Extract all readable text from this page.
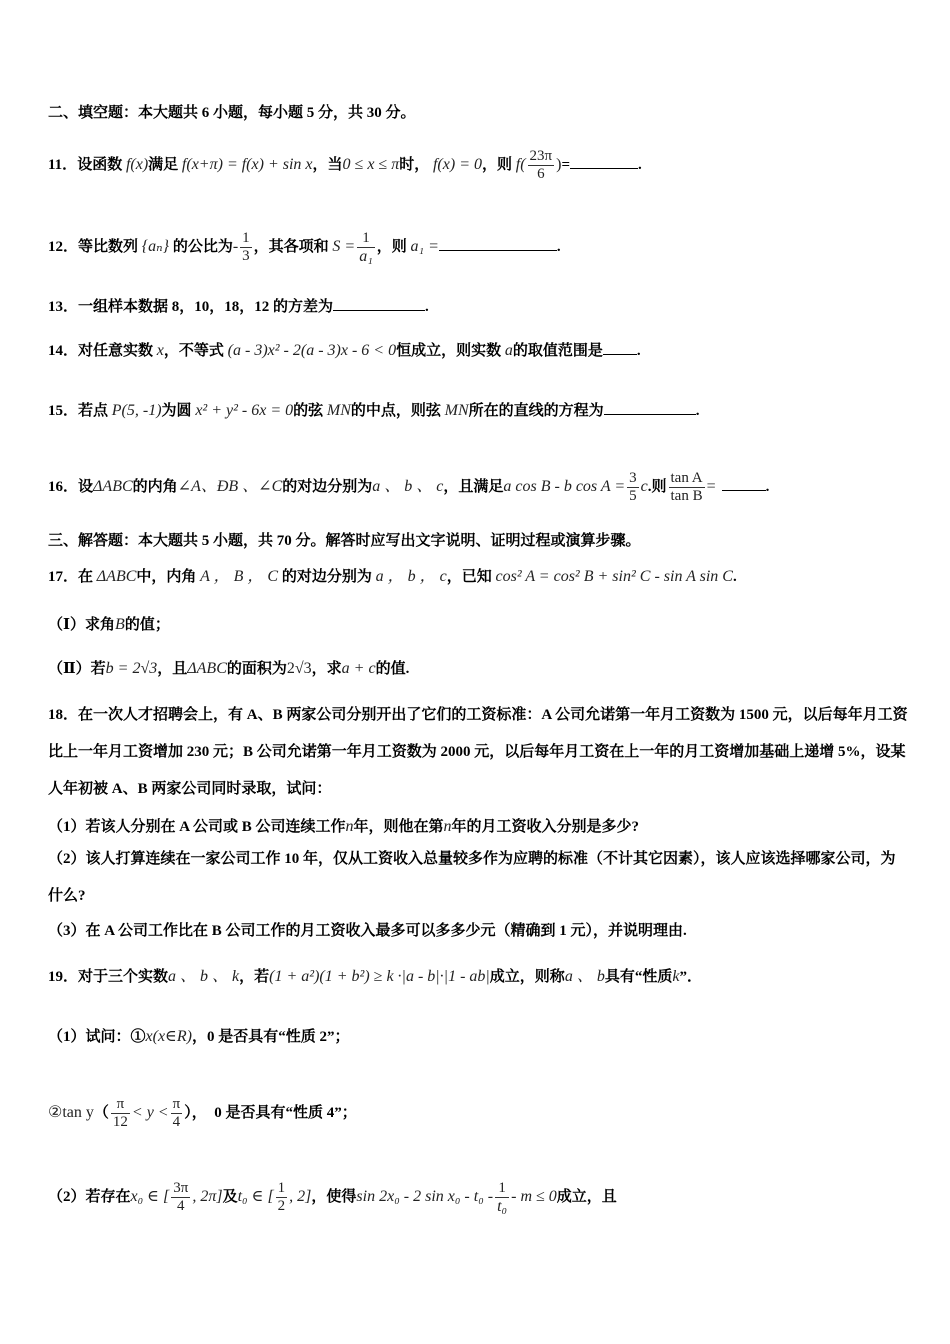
二、填空题：本大题共 6 小题，每小题 5 分，共 30 分。
11．设函数 f(x)满足 f(x+π) = f(x) + sin x，当0 ≤ x ≤ π时， f(x) = 0，则 $f( \frac{23\pi}{6}$ )=	.
12．等比数列 {aₙ} 的公比为- $\frac{1}{3}$ ，其各项和 $S = \frac{1}{\text{a₁}}$ ，则 a₁ =	.
13．一组样本数据 8，10，18，12 的方差为	.
14．对任意实数 x，不等式 (a - 3)x² - 2(a - 3)x - 6 < 0恒成立，则实数 a的取值范围是 .
15．若点 P(5, -1)为圆 x² + y² - 6x = 0的弦 MN的中点，则弦 MN所在的直线的方程为	.
16．设ΔABC的内角∠A、ÐB 、∠C的对边分别为a 、 b 、 c，且满足a cos B - b $\cos A = \frac{3}{5} c$.则 $\frac{\text{tan A}}{\text{tan B}}$ =	.
三、解答题：本大题共 5 小题，共 70 分。解答时应写出文字说明、证明过程或演算步骤。
17．在 ΔABC中，内角 A ， B ， C 的对边分别为 a ， b ， c，已知 cos² A = cos² B + sin² C - sin A sin C.
（Ⅰ）求角B的值；
（Ⅱ）若b = 2√3，且ΔABC的面积为2√3，求a + c的值.
18．在一次人才招聘会上，有 A、B 两家公司分别开出了它们的工资标准：A 公司允诺第一年月工资数为 1500 元，以后每年月工资比上一年月工资增加 230 元；B 公司允诺第一年月工资数为 2000 元，以后每年月工资在上一年的月工资增加基础上递增 5%，设某人年初被 A、B 两家公司同时录取，试问：
（1）若该人分别在 A 公司或 B 公司连续工作n年，则他在第n年的月工资收入分别是多少?
（2）该人打算连续在一家公司工作 10 年，仅从工资收入总量较多作为应聘的标准（不计其它因素），该人应该选择哪家公司，为什么?
（3）在 A 公司工作比在 B 公司工作的月工资收入最多可以多多少元（精确到 1 元），并说明理由.
19．对于三个实数a 、 b 、 k，若(1 + a²)(1 + b²) ≥ k ·|a - b|·|1 - ab|成立，则称a 、 b具有“性质k”．
（1）试问：①x(x∈R)，0 是否具有“性质 2”；
②tan $y( \frac{\pi}{12} < y < \frac{\pi}{4}$ ）， 0 是否具有“性质 4”；
（2）若存在x₀ ∈ [ $\frac{3\pi}{4}$ , 2π]及t₀ ∈ [ $\frac{1}{2}$ , 2]，使得sin 2x₀ - 2 $\sin x_0 - t_0 - \frac{1}{\text{t₀}} - m \le 0$成立，且
